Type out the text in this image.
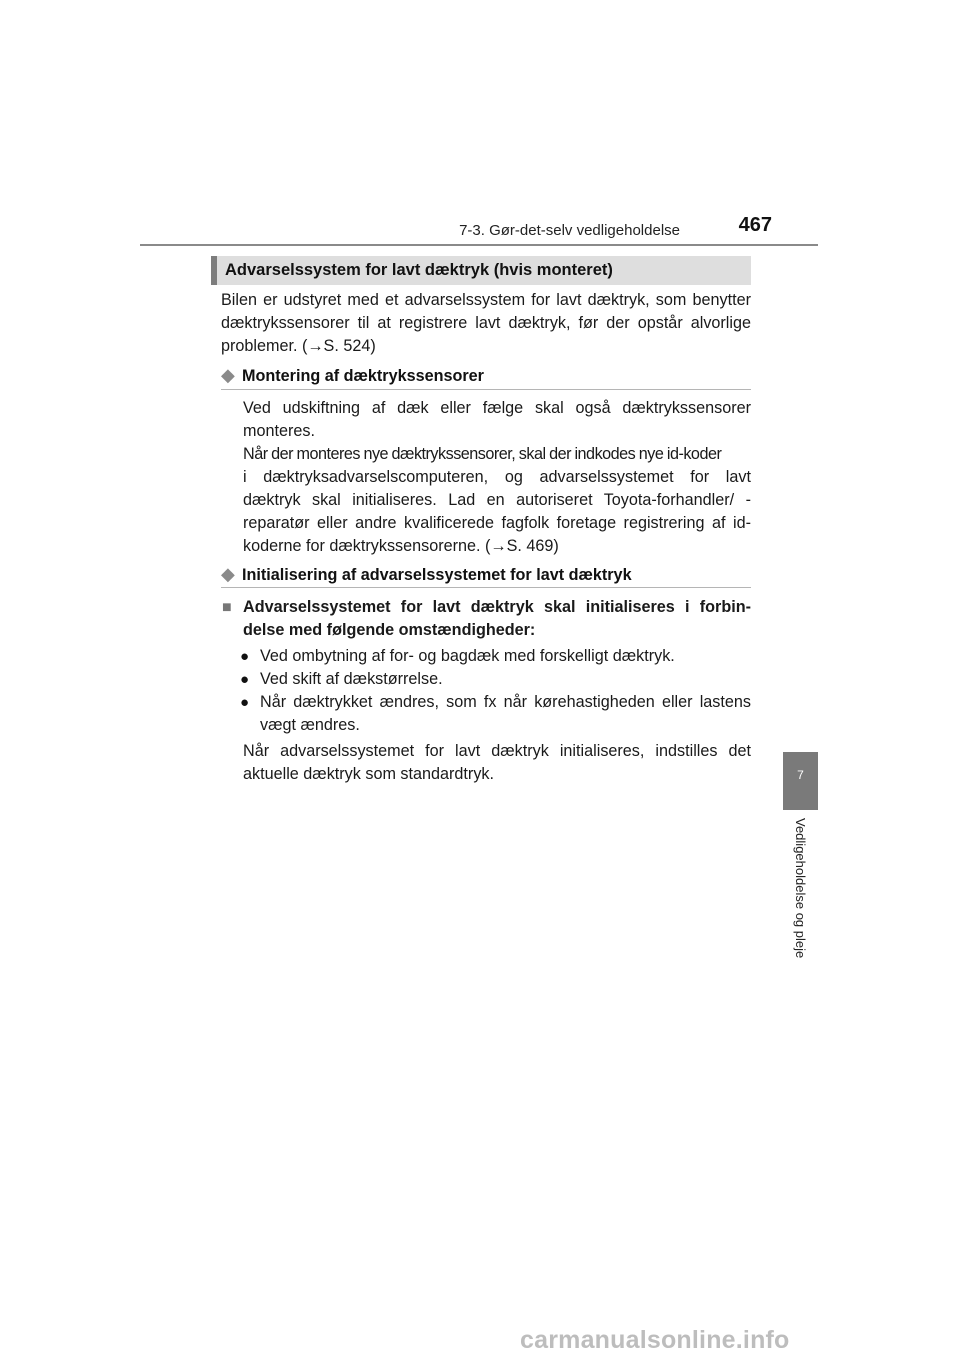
7-3. Gør-det-selv vedligeholdelse	467
Advarselssystem for lavt dæktryk (hvis monteret)
Bilen er udstyret med et advarselssystem for lavt dæktryk, som benytter dæktrykssensorer til at registrere lavt dæktryk, før der opstår alvorlige problemer. (→S. 524)
◆ Montering af dæktrykssensorer
Ved udskiftning af dæk eller fælge skal også dæktrykssensorer monteres.
Når der monteres nye dæktrykssensorer, skal der indkodes nye id-koder
i dæktryksadvarselscomputeren, og advarselssystemet for lavt dæktryk skal initialiseres. Lad en autoriseret Toyota-forhandler/ -reparatør eller andre kvalificerede fagfolk foretage registrering af id-koderne for dæktrykssensorerne. (→S. 469)
◆ Initialisering af advarselssystemet for lavt dæktryk
■ Advarselssystemet for lavt dæktryk skal initialiseres i forbin- delse med følgende omstændigheder:
● Ved ombytning af for- og bagdæk med forskelligt dæktryk.
● Ved skift af dækstørrelse.
● Når dæktrykket ændres, som fx når kørehastigheden eller lastens vægt ændres.
Når advarselssystemet for lavt dæktryk initialiseres, indstilles det aktuelle dæktryk som standardtryk.	7
Vedligeholdelse og pleje
carmanualsonline.info
